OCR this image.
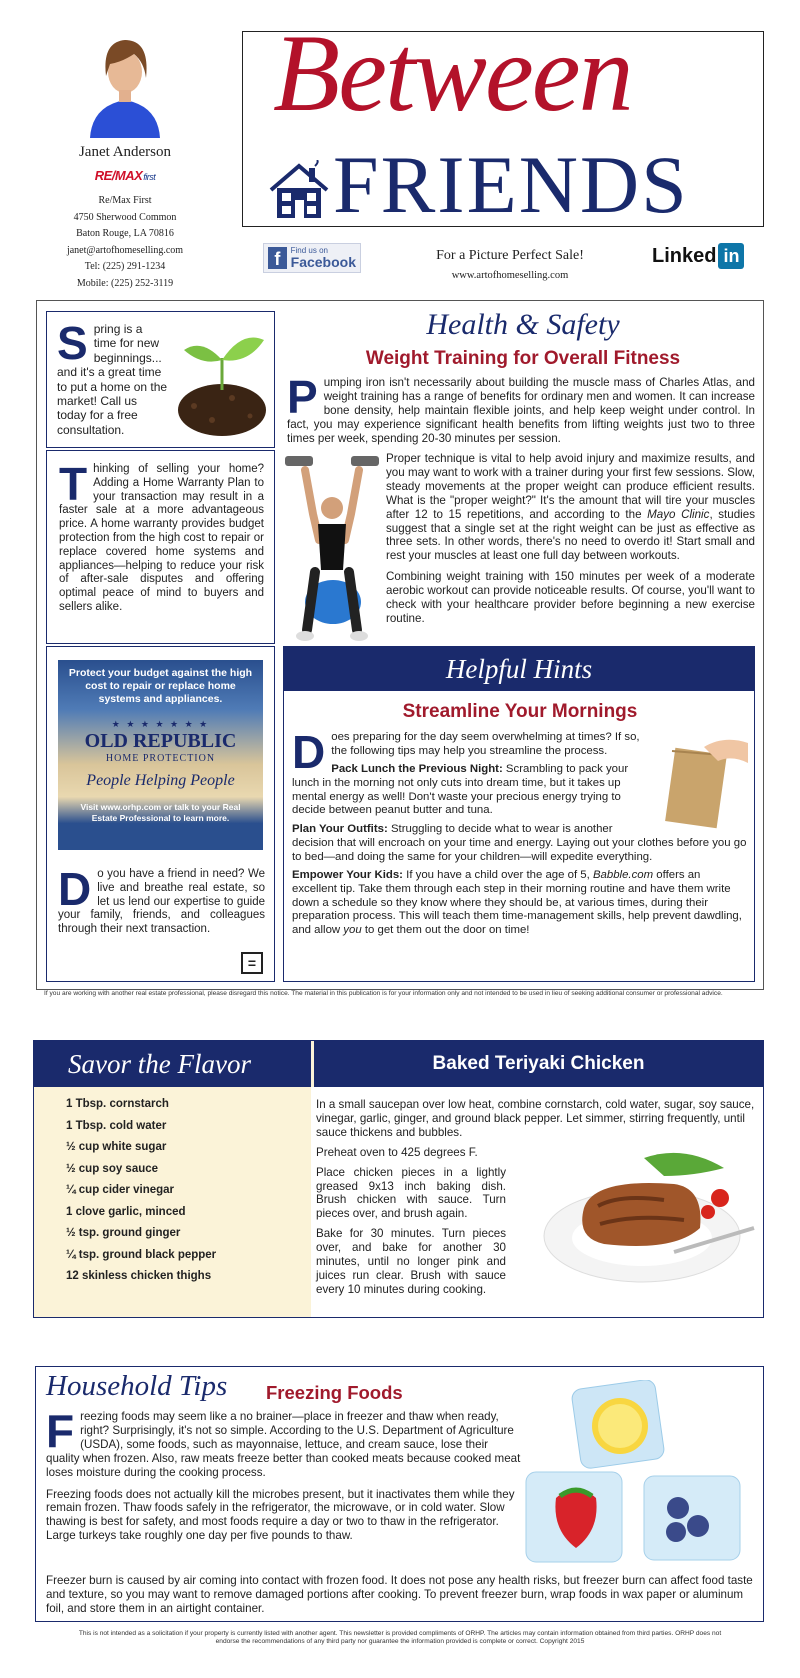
Janet Anderson
RE/MAXfirst
Re/Max First
4750 Sherwood Common
Baton Rouge, LA 70816
janet@artofhomeselling.com
Tel: (225) 291-1234
Mobile: (225) 252-3119
Between
FRIENDS
f	Find us on
Facebook	For a Picture Perfect Sale!
www.artofhomeselling.com
Linked in
S pring is a time for new beginnings... and it's a great time to put a home on the market! Call us today for a free consultation.

T hinking of selling your home? Adding a Home Warranty Plan to your transaction may result in a faster sale at a more advantageous price. A home warranty provides budget protection from the high cost to repair or replace covered home systems and appliances—helping to reduce your risk of after-sale disputes and offering optimal peace of mind to buyers and sellers alike.

Protect your budget against the high cost to repair or replace home systems and appliances.
★ ★ ★ ★ ★ ★ ★
OLD REPUBLIC
HOME PROTECTION
People Helping People
Visit www.orhp.com or talk to your Real Estate Professional to learn more.
D o you have a friend in need? We live and breathe real estate, so let us lend our expertise to guide your family, friends, and colleagues through their next transaction.

=
Health & Safety
Weight Training for Overall Fitness
P umping iron isn't necessarily about building the muscle mass of Charles Atlas, and weight training has a range of benefits for ordinary men and women. It can increase bone density, help maintain flexible joints, and help keep weight under control. In fact, you may experience significant health benefits from lifting weights just two to three times per week, spending 20-30 minutes per session.

Proper technique is vital to help avoid injury and maximize results, and you may want to work with a trainer during your first few sessions. Slow, steady movements at the proper weight can produce efficient results. What is the "proper weight?" It's the amount that will tire your muscles after 12 to 15 repetitions, and according to the Mayo Clinic, studies suggest that a single set at the right weight can be just as effective as three sets. In other words, there's no need to overdo it! Start small and rest your muscles at least one full day between workouts.

Combining weight training with 150 minutes per week of a moderate aerobic workout can provide noticeable results. Of course, you'll want to check with your healthcare provider before beginning a new exercise routine.

Helpful Hints
Streamline Your Mornings
D oes preparing for the day seem overwhelming at times? If so, the following tips may help you streamline the process.

Pack Lunch the Previous Night: Scrambling to pack your lunch in the morning not only cuts into dream time, but it takes up mental energy as well! Don't waste your precious energy trying to decide between peanut butter and tuna.

Plan Your Outfits: Struggling to decide what to wear is another decision that will encroach on your time and energy. Laying out your clothes before you go to bed—and doing the same for your children—will expedite everything.

Empower Your Kids: If you have a child over the age of 5, Babble.com offers an excellent tip. Take them through each step in their morning routine and have them write down a schedule so they know where they should be, at various times, during their preparation process. This will teach them time-management skills, help prevent dawdling, and allow you to get them out the door on time!

If you are working with another real estate professional, please disregard this notice. The material in this publication is for your information only and not intended to be used in lieu of seeking additional consumer or professional advice.
Savor the Flavor	Baked Teriyaki Chicken
1 Tbsp. cornstarch
1 Tbsp. cold water
½ cup white sugar
½ cup soy sauce
¼ cup cider vinegar
1 clove garlic, minced
½ tsp. ground ginger
¼ tsp. ground black pepper
12 skinless chicken thighs

In a small saucepan over low heat, combine cornstarch, cold water, sugar, soy sauce, vinegar, garlic, ginger, and ground black pepper. Let simmer, stirring frequently, until sauce thickens and bubbles.

Preheat oven to 425 degrees F.

Place chicken pieces in a lightly greased 9x13 inch baking dish. Brush chicken with sauce. Turn pieces over, and brush again.

Bake for 30 minutes. Turn pieces over, and bake for another 30 minutes, until no longer pink and juices run clear. Brush with sauce every 10 minutes during cooking.

Household Tips Freezing Foods
F reezing foods may seem like a no brainer—place in freezer and thaw when ready, right? Surprisingly, it's not so simple. According to the U.S. Department of Agriculture (USDA), some foods, such as mayonnaise, lettuce, and cream sauce, lose their quality when frozen. Also, raw meats freeze better than cooked meats because cooked meat loses moisture during the cooking process.

Freezing foods does not actually kill the microbes present, but it inactivates them while they remain frozen. Thaw foods safely in the refrigerator, the microwave, or in cold water. Slow thawing is best for safety, and most foods require a day or two to thaw in the refrigerator. Large turkeys take roughly one day per five pounds to thaw.

Freezer burn is caused by air coming into contact with frozen food. It does not pose any health risks, but freezer burn can affect food taste and texture, so you may want to remove damaged portions after cooking. To prevent freezer burn, wrap foods in wax paper or aluminum foil, and store them in an airtight container.

This is not intended as a solicitation if your property is currently listed with another agent. This newsletter is provided compliments of ORHP. The articles may contain information obtained from third parties. ORHP does not endorse the recommendations of any third party nor guarantee the information provided is complete or correct. Copyright 2015
